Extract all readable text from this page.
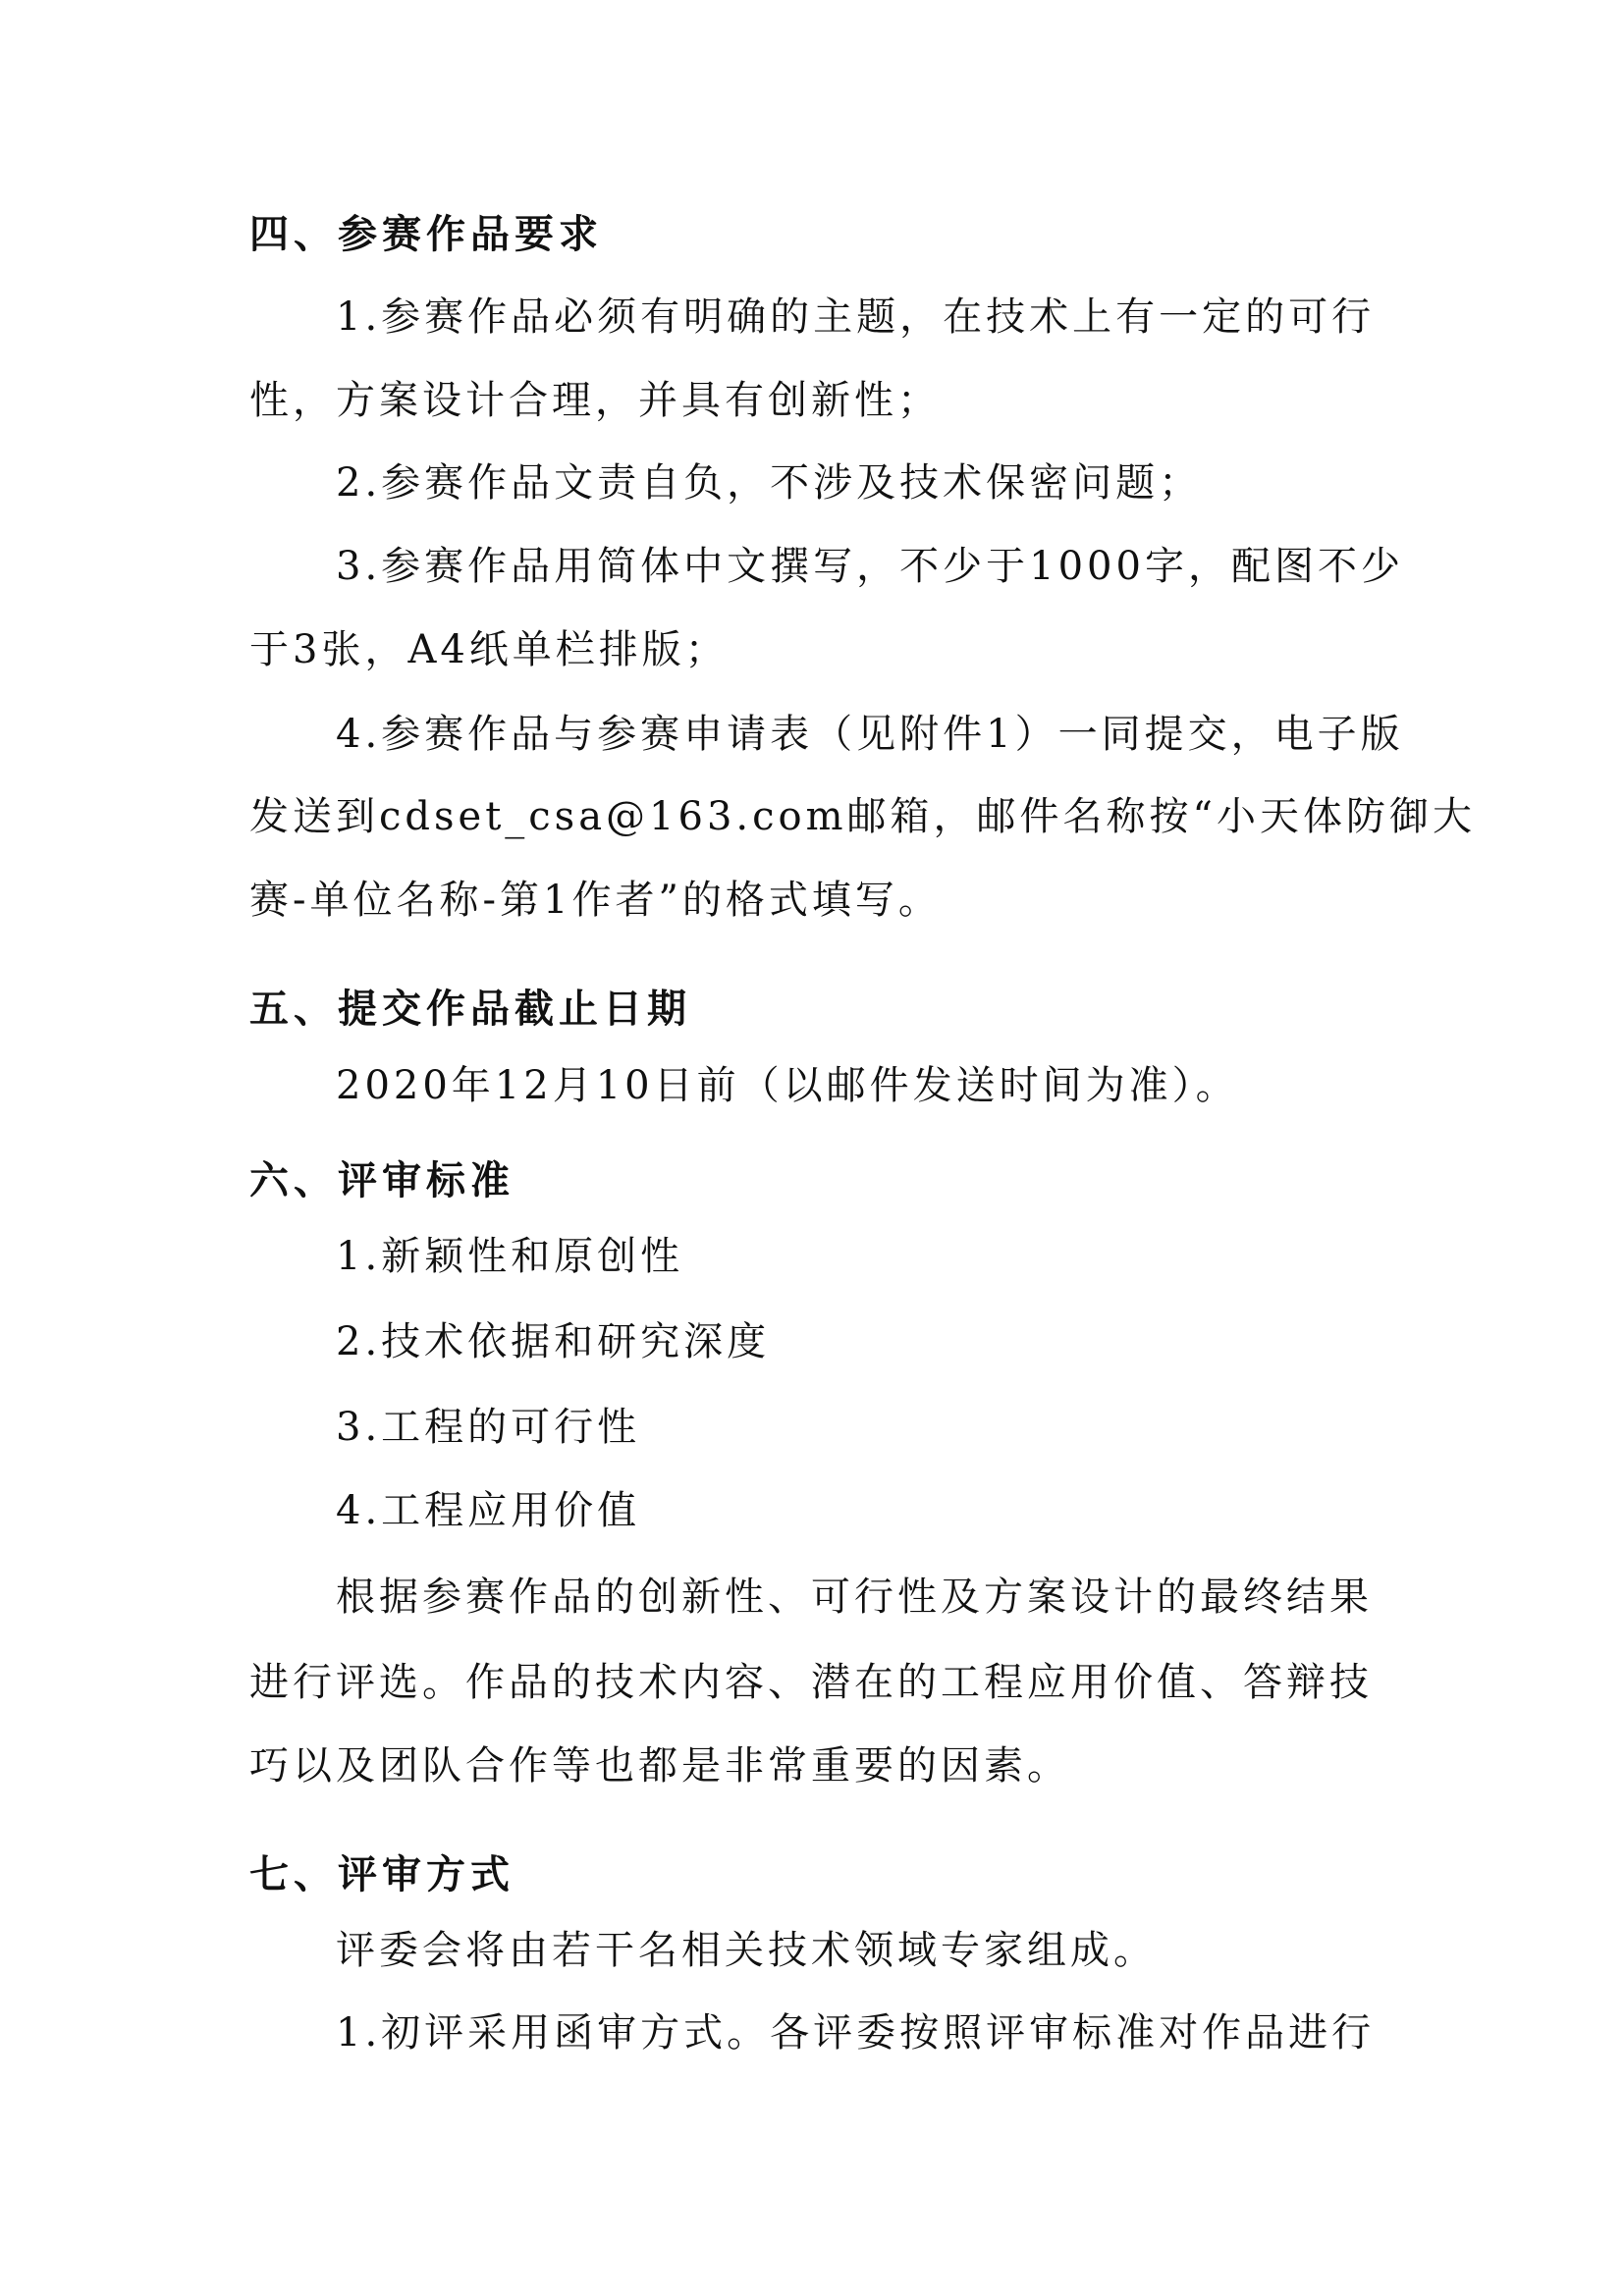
四、参赛作品要求
1.参赛作品必须有明确的主题，在技术上有一定的可行
性，方案设计合理，并具有创新性；
2.参赛作品文责自负，不涉及技术保密问题；
3.参赛作品用简体中文撰写，不少于1000字，配图不少
于3张，A4纸单栏排版；
4.参赛作品与参赛申请表（见附件1）一同提交，电子版
发送到cdset_csa@163.com邮箱，邮件名称按“小天体防御大
赛-单位名称-第1作者”的格式填写。
五、提交作品截止日期
2020年12月10日前（以邮件发送时间为准）。
六、评审标准
1.新颖性和原创性
2.技术依据和研究深度
3.工程的可行性
4.工程应用价值
根据参赛作品的创新性、可行性及方案设计的最终结果
进行评选。作品的技术内容、潜在的工程应用价值、答辩技
巧以及团队合作等也都是非常重要的因素。
七、评审方式
评委会将由若干名相关技术领域专家组成。
1.初评采用函审方式。各评委按照评审标准对作品进行
